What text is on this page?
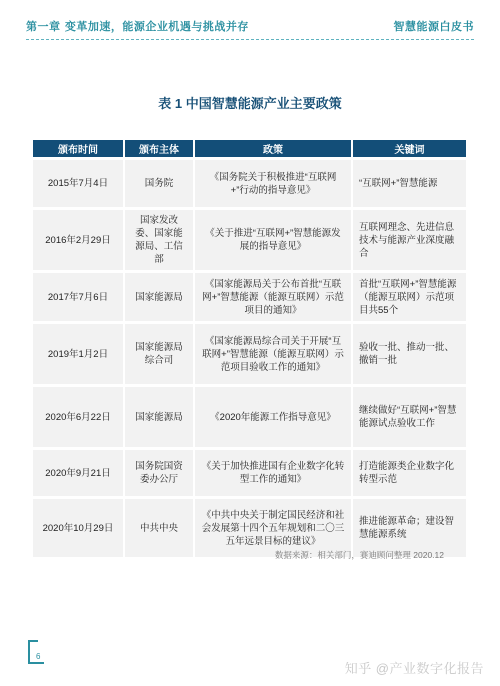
第一章 变革加速，能源企业机遇与挑战并存	智慧能源白皮书
表 1 中国智慧能源产业主要政策
颁布时间	颁布主体	政策	关键词
2015年7月4日	国务院	《国务院关于积极推进“互联网+”行动的指导意见》	“互联网+”智慧能源
2016年2月29日	国家发改委、国家能源局、工信部	《关于推进“互联网+”智慧能源发展的指导意见》	互联网理念、先进信息技术与能源产业深度融合
2017年7月6日	国家能源局	《国家能源局关于公布首批“互联网+”智慧能源（能源互联网）示范项目的通知》	首批“互联网+”智慧能源（能源互联网）示范项目共55个
2019年1月2日	国家能源局综合司	《国家能源局综合司关于开展“互联网+”智慧能源（能源互联网）示范项目验收工作的通知》	验收一批、推动一批、撤销一批
2020年6月22日	国家能源局	《2020年能源工作指导意见》	继续做好“互联网+”智慧能源试点验收工作
2020年9月21日	国务院国资委办公厅	《关于加快推进国有企业数字化转型工作的通知》	打造能源类企业数字化转型示范
2020年10月29日	中共中央	《中共中央关于制定国民经济和社会发展第十四个五年规划和二〇三五年远景目标的建议》	推进能源革命；建设智慧能源系统
数据来源：相关部门，赛迪顾问整理 2020.12
6
知乎 @产业数字化报告
